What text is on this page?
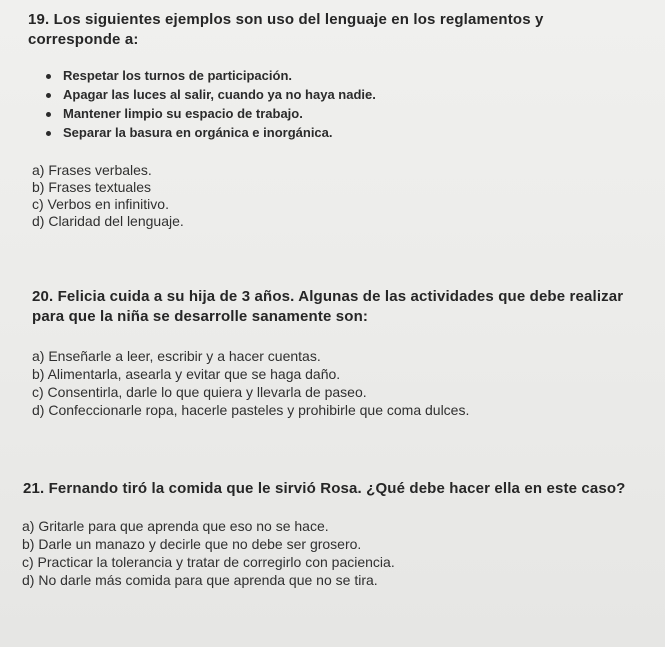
19. Los siguientes ejemplos son uso del lenguaje en los reglamentos y corresponde a:
Respetar los turnos de participación.
Apagar las luces al salir, cuando ya no haya nadie.
Mantener limpio su espacio de trabajo.
Separar la basura en orgánica e inorgánica.
a) Frases verbales.
b) Frases textuales
c) Verbos en infinitivo.
d) Claridad del lenguaje.
20. Felicia cuida a su hija de 3 años. Algunas de las actividades que debe realizar para que la niña se desarrolle sanamente son:
a) Enseñarle a leer, escribir y a hacer cuentas.
b) Alimentarla, asearla y evitar que se haga daño.
c) Consentirla, darle lo que quiera y llevarla de paseo.
d) Confeccionarle ropa, hacerle pasteles y prohibirle que coma dulces.
21. Fernando tiró la comida que le sirvió Rosa. ¿Qué debe hacer ella en este caso?
a) Gritarle para que aprenda que eso no se hace.
b) Darle un manazo y decirle que no debe ser grosero.
c) Practicar la tolerancia y tratar de corregirlo con paciencia.
d) No darle más comida para que aprenda que no se tira.
